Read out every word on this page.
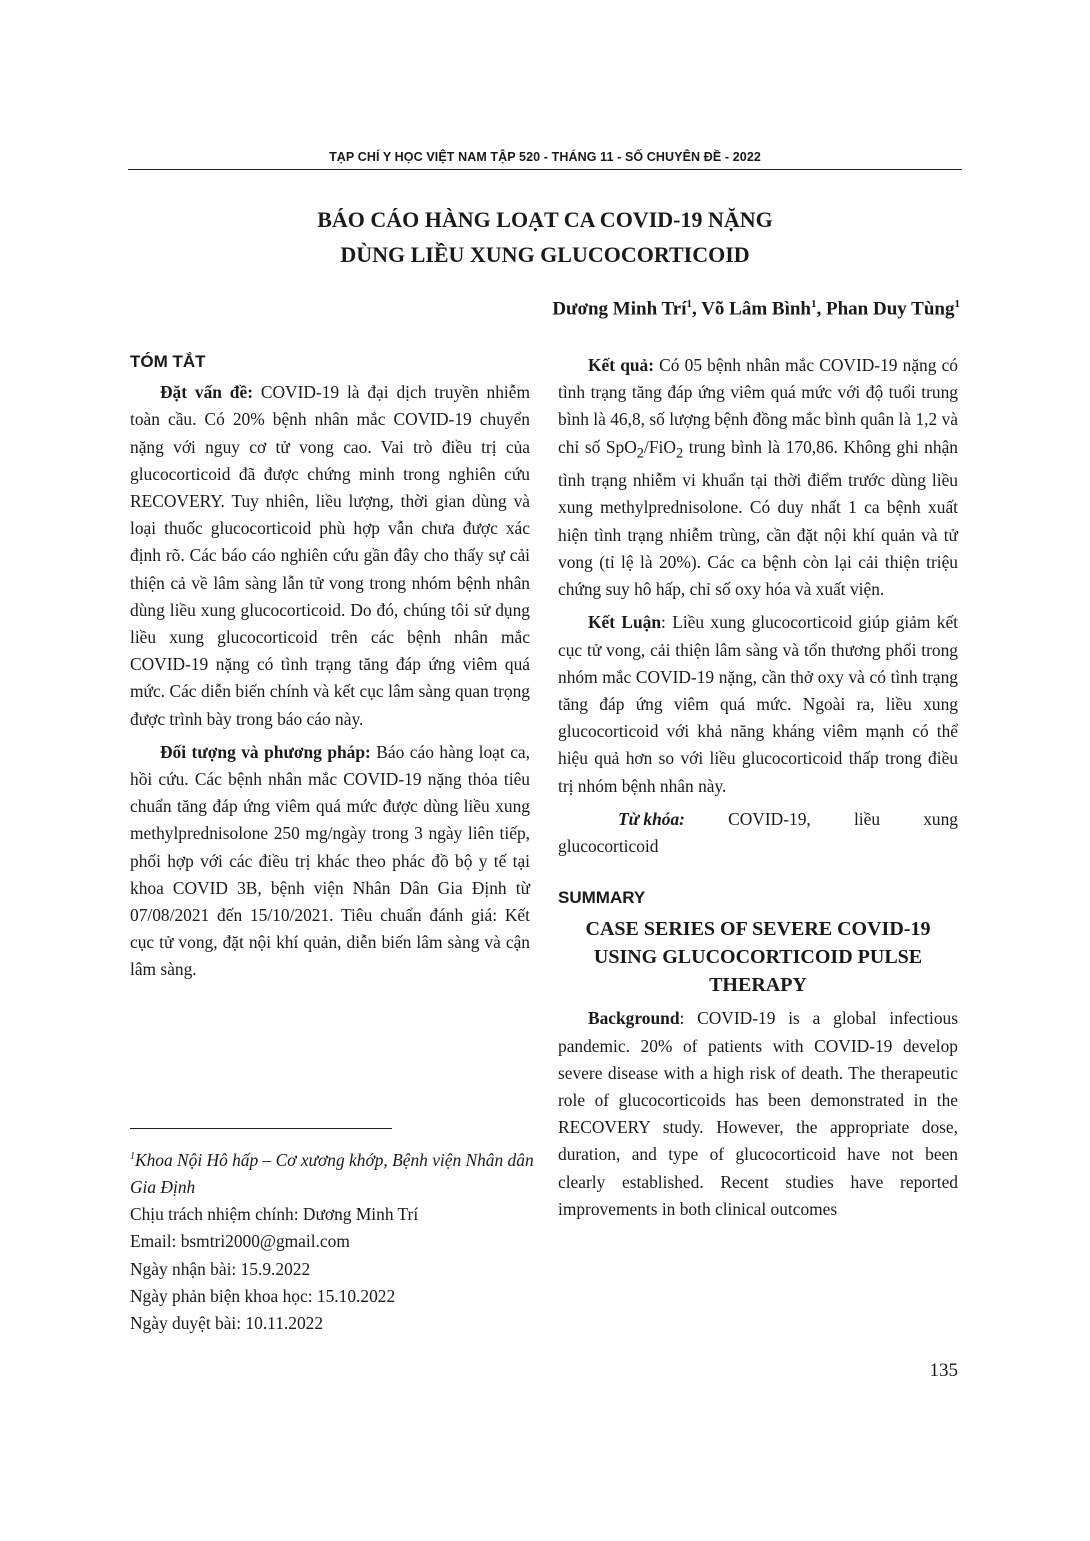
TẠP CHÍ Y HỌC VIỆT NAM TẬP 520 - THÁNG 11 - SỐ CHUYÊN ĐỀ - 2022
BÁO CÁO HÀNG LOẠT CA COVID-19 NẶNG
DÙNG LIỀU XUNG GLUCOCORTICOID
Dương Minh Trí$^1$, Võ Lâm Bình$^1$, Phan Duy Tùng$^1$
TÓM TẮT

Đặt vấn đề: COVID-19 là đại dịch truyền nhiễm toàn cầu. Có 20% bệnh nhân mắc COVID-19 chuyển nặng với nguy cơ tử vong cao. Vai trò điều trị của glucocorticoid đã được chứng minh trong nghiên cứu RECOVERY. Tuy nhiên, liều lượng, thời gian dùng và loại thuốc glucocorticoid phù hợp vẫn chưa được xác định rõ. Các báo cáo nghiên cứu gần đây cho thấy sự cải thiện cả về lâm sàng lẫn tử vong trong nhóm bệnh nhân dùng liều xung glucocorticoid. Do đó, chúng tôi sử dụng liều xung glucocorticoid trên các bệnh nhân mắc COVID-19 nặng có tình trạng tăng đáp ứng viêm quá mức. Các diễn biến chính và kết cục lâm sàng quan trọng được trình bày trong báo cáo này.

Đối tượng và phương pháp: Báo cáo hàng loạt ca, hồi cứu. Các bệnh nhân mắc COVID-19 nặng thỏa tiêu chuẩn tăng đáp ứng viêm quá mức được dùng liều xung methylprednisolone 250 mg/ngày trong 3 ngày liên tiếp, phối hợp với các điều trị khác theo phác đồ bộ y tế tại khoa COVID 3B, bệnh viện Nhân Dân Gia Định từ 07/08/2021 đến 15/10/2021. Tiêu chuẩn đánh giá: Kết cục tử vong, đặt nội khí quản, diễn biến lâm sàng và cận lâm sàng.

$^1$Khoa Nội Hô hấp – Cơ xương khớp, Bệnh viện Nhân dân Gia Định
Chịu trách nhiệm chính: Dương Minh Trí
Email: bsmtri2000@gmail.com
Ngày nhận bài: 15.9.2022
Ngày phản biện khoa học: 15.10.2022
Ngày duyệt bài: 10.11.2022

Kết quả: Có 05 bệnh nhân mắc COVID-19 nặng có tình trạng tăng đáp ứng viêm quá mức với độ tuổi trung bình là 46,8, số lượng bệnh đồng mắc bình quân là 1,2 và chỉ số SpO$_2$/FiO$_2$ trung bình là 170,86. Không ghi nhận tình trạng nhiễm vi khuẩn tại thời điểm trước dùng liều xung methylprednisolone. Có duy nhất 1 ca bệnh xuất hiện tình trạng nhiễm trùng, cần đặt nội khí quản và tử vong (tỉ lệ là 20%). Các ca bệnh còn lại cải thiện triệu chứng suy hô hấp, chỉ số oxy hóa và xuất viện.

Kết Luận: Liều xung glucocorticoid giúp giảm kết cục tử vong, cải thiện lâm sàng và tổn thương phổi trong nhóm mắc COVID-19 nặng, cần thở oxy và có tình trạng tăng đáp ứng viêm quá mức. Ngoài ra, liều xung glucocorticoid với khả năng kháng viêm mạnh có thể hiệu quả hơn so với liều glucocorticoid thấp trong điều trị nhóm bệnh nhân này.

Từ khóa:	COVID-19,	liều	xung

glucocorticoid

SUMMARY
CASE SERIES OF SEVERE COVID-19
USING GLUCOCORTICOID PULSE
THERAPY

Background: COVID-19 is a global infectious pandemic. 20% of patients with COVID-19 develop severe disease with a high risk of death. The therapeutic role of glucocorticoids has been demonstrated in the RECOVERY study. However, the appropriate dose, duration, and type of glucocorticoid have not been clearly established. Recent studies have reported improvements in both clinical outcomes

135
